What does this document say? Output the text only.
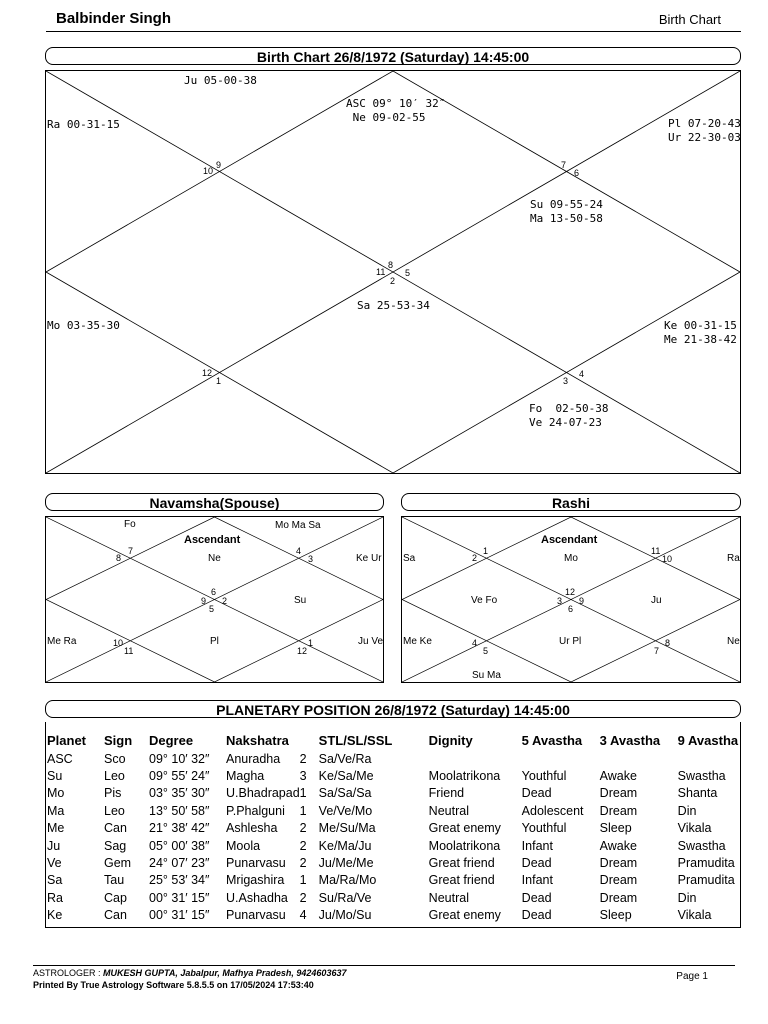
Balbinder Singh	Birth Chart
Birth Chart 26/8/1972 (Saturday) 14:45:00
ASC 09° 10′ 32″
Ne 09-02-55
Ju 05-00-38
Ra 00-31-15
Mo 03-35-30
Sa 25-53-34
Fo  02-50-38
Ve 24-07-23
Ke 00-31-15
Me 21-38-42
Pl 07-20-43
Ur 22-30-03
Su 09-55-24
Ma 13-50-58
8
9
10
11
12
1
2
3
4
5
6
7
Navamsha(Spouse)
Ascendant
Fo	Mo Ma Sa
Ne	Ke Ur
Su
Me Ra	Pl	Ju Ve
6
7
8
9
10
11	12
1
2
3
4
5
Rashi
Ascendant
Sa	Mo	Ra
Ve Fo	Ju
Me Ke	Ur Pl
Su Ma
Ne
12
1
2
3
4
5
6
7
8
9
10
11
PLANETARY POSITION 26/8/1972 (Saturday) 14:45:00
Planet	Sign	Degree	Nakshatra		STL/SL/SSL	Dignity	5 Avastha	3 Avastha	9 Avastha
ASC	Sco	09° 10′ 32″	Anuradha	2	Sa/Ve/Ra				
Su	Leo	09° 55′ 24″	Magha	3	Ke/Sa/Me	Moolatrikona	Youthful	Awake	Swastha
Mo	Pis	03° 35′ 30″	U.Bhadrapad	1	Sa/Sa/Sa	Friend	Dead	Dream	Shanta
Ma	Leo	13° 50′ 58″	P.Phalguni	1	Ve/Ve/Mo	Neutral	Adolescent	Dream	Din
Me	Can	21° 38′ 42″	Ashlesha	2	Me/Su/Ma	Great enemy	Youthful	Sleep	Vikala
Ju	Sag	05° 00′ 38″	Moola	2	Ke/Ma/Ju	Moolatrikona	Infant	Awake	Swastha
Ve	Gem	24° 07′ 23″	Punarvasu	2	Ju/Me/Me	Great friend	Dead	Dream	Pramudita
Sa	Tau	25° 53′ 34″	Mrigashira	1	Ma/Ra/Mo	Great friend	Infant	Dream	Pramudita
Ra	Cap	00° 31′ 15″	U.Ashadha	2	Su/Ra/Ve	Neutral	Dead	Dream	Din
Ke	Can	00° 31′ 15″	Punarvasu	4	Ju/Mo/Su	Great enemy	Dead	Sleep	Vikala
ASTROLOGER : MUKESH GUPTA, Jabalpur, Mafhya Pradesh, 9424603637
Printed By True Astrology Software 5.8.5.5 on 17/05/2024 17:53:40
Page 1
